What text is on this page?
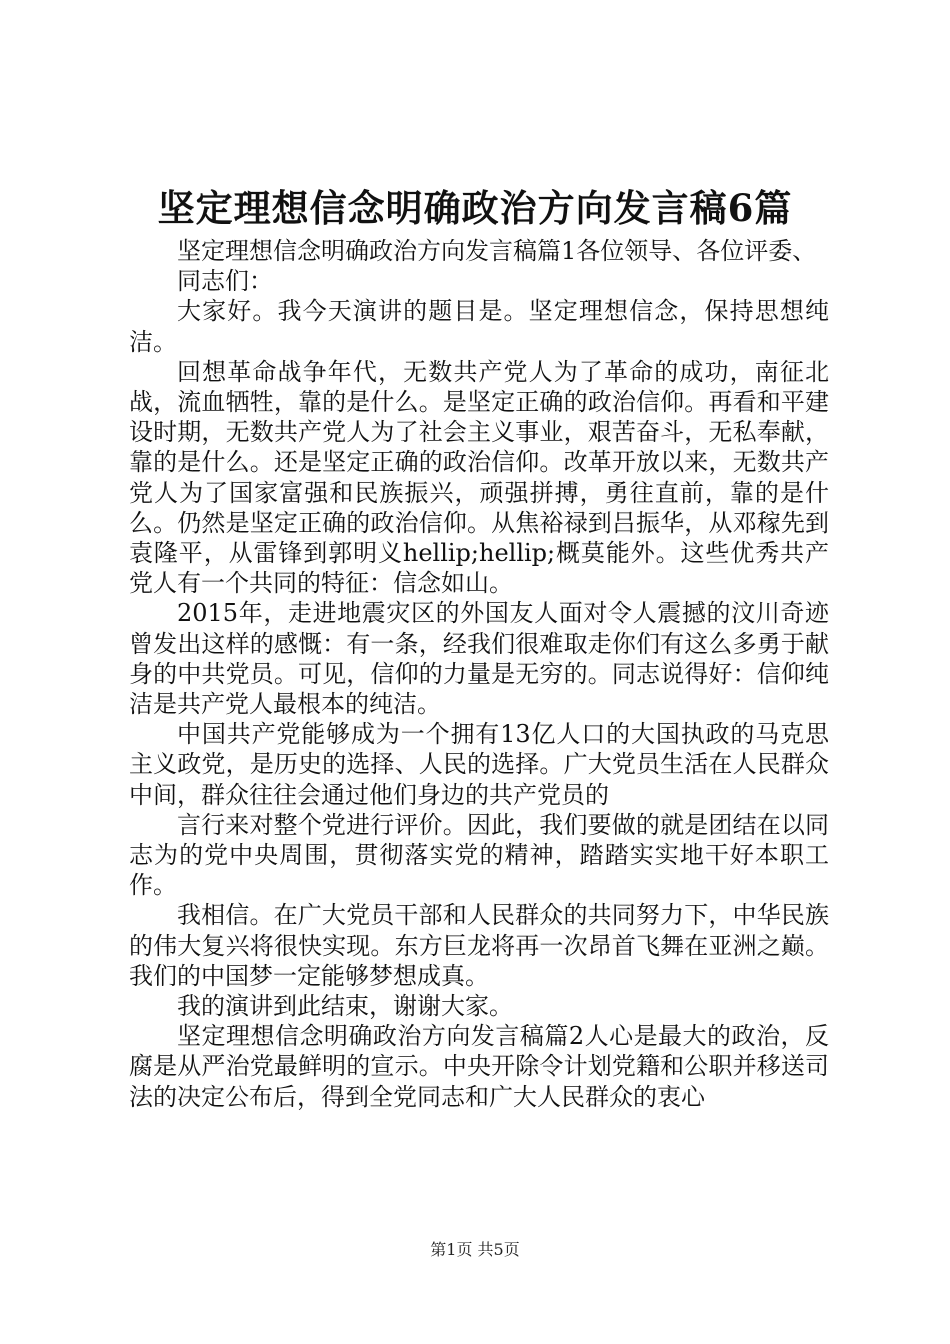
坚定理想信念明确政治方向发言稿6篇

坚定理想信念明确政治方向发言稿篇1各位领导、各位评委、

同志们：

大家好。我今天演讲的题目是。坚定理想信念，保持思想纯洁。

回想革命战争年代，无数共产党人为了革命的成功，南征北战，流血牺牲，靠的是什么。是坚定正确的政治信仰。再看和平建设时期，无数共产党人为了社会主义事业，艰苦奋斗，无私奉献，靠的是什么。还是坚定正确的政治信仰。改革开放以来，无数共产党人为了国家富强和民族振兴，顽强拼搏，勇往直前，靠的是什么。仍然是坚定正确的政治信仰。从焦裕禄到吕振华，从邓稼先到袁隆平，从雷锋到郭明义hellip;hellip;概莫能外。这些优秀共产党人有一个共同的特征：信念如山。

2015年，走进地震灾区的外国友人面对令人震撼的汶川奇迹曾发出这样的感慨：有一条，经我们很难取走你们有这么多勇于献身的中共党员。可见，信仰的力量是无穷的。同志说得好：信仰纯洁是共产党人最根本的纯洁。

中国共产党能够成为一个拥有13亿人口的大国执政的马克思主义政党，是历史的选择、人民的选择。广大党员生活在人民群众中间，群众往往会通过他们身边的共产党员的

言行来对整个党进行评价。因此，我们要做的就是团结在以同志为的党中央周围，贯彻落实党的精神，踏踏实实地干好本职工作。

我相信。在广大党员干部和人民群众的共同努力下，中华民族的伟大复兴将很快实现。东方巨龙将再一次昂首飞舞在亚洲之巅。我们的中国梦一定能够梦想成真。

我的演讲到此结束，谢谢大家。

坚定理想信念明确政治方向发言稿篇2人心是最大的政治，反腐是从严治党最鲜明的宣示。中央开除令计划党籍和公职并移送司法的决定公布后，得到全党同志和广大人民群众的衷心

第1页 共5页
